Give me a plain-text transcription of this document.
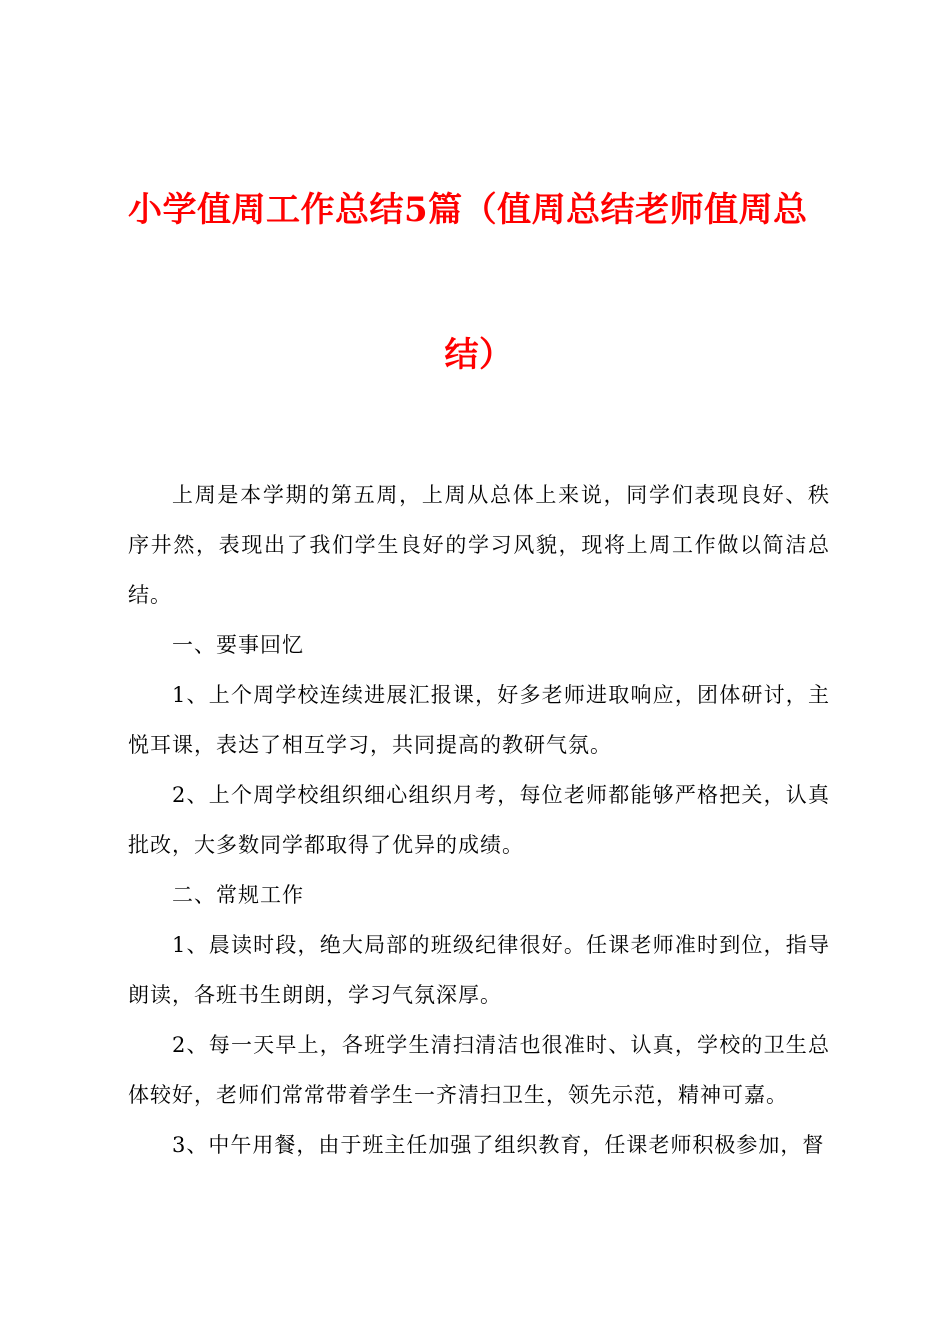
小学值周工作总结5篇（值周总结老师值周总
结）

上周是本学期的第五周，上周从总体上来说，同学们表现良好、秩序井然，表现出了我们学生良好的学习风貌，现将上周工作做以简洁总结。

一、要事回忆

1、上个周学校连续进展汇报课，好多老师进取响应，团体研讨，主悦耳课，表达了相互学习，共同提高的教研气氛。

2、上个周学校组织细心组织月考，每位老师都能够严格把关，认真批改，大多数同学都取得了优异的成绩。

二、常规工作

1、晨读时段，绝大局部的班级纪律很好。任课老师准时到位，指导朗读，各班书生朗朗，学习气氛深厚。

2、每一天早上，各班学生清扫清洁也很准时、认真，学校的卫生总体较好，老师们常常带着学生一齐清扫卫生，领先示范，精神可嘉。

3、中午用餐，由于班主任加强了组织教育，任课老师积极参加，督
